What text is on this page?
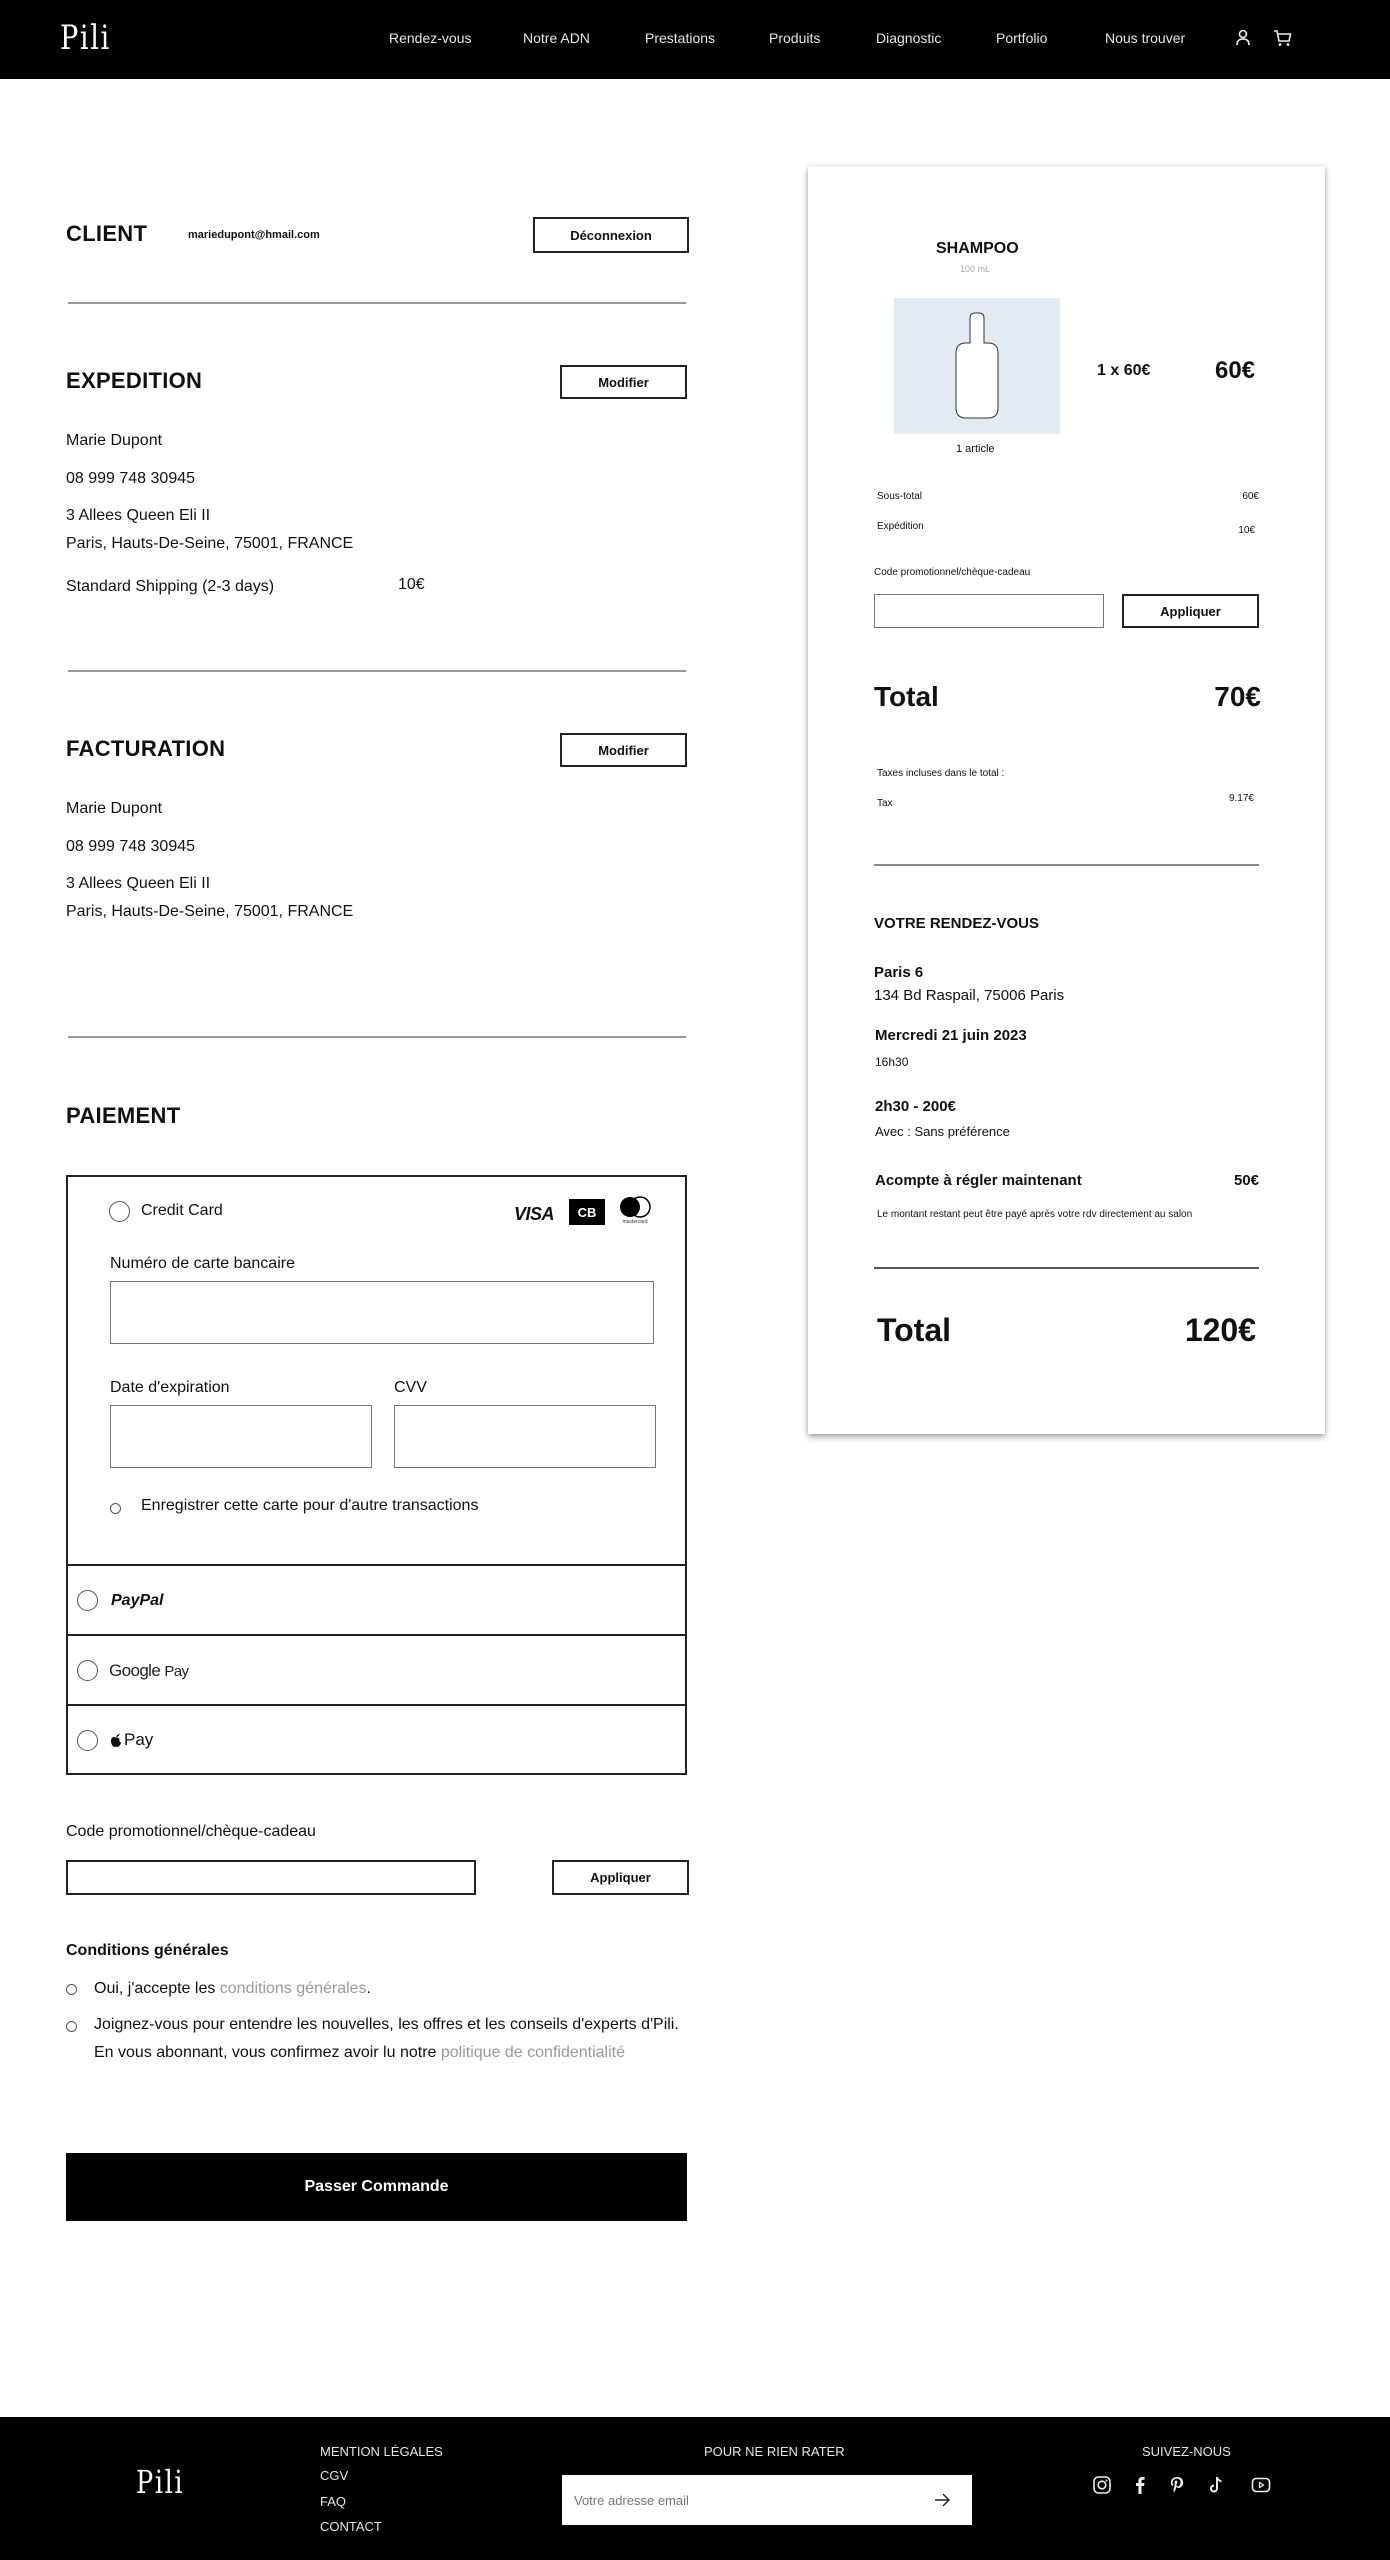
Pili	Rendez-vous	Notre ADN	Prestations	Produits	Diagnostic	Portfolio	Nous trouver
CLIENT	mariedupont@hmail.com	Déconnexion
EXPEDITION	Modifier
Marie Dupont
08 999 748 30945
3 Allees Queen Eli II
Paris, Hauts-De-Seine, 75001, FRANCE
Standard Shipping (2-3 days)	10€
FACTURATION	Modifier
Marie Dupont
08 999 748 30945
3 Allees Queen Eli II
Paris, Hauts-De-Seine, 75001, FRANCE
PAIEMENT
Credit Card	VISA	CB
mastercard
Numéro de carte bancaire
Date d'expiration	CVV
Enregistrer cette carte pour d'autre transactions
PayPal
Google Pay
Pay
Code promotionnel/chèque-cadeau
Appliquer
Conditions générales
Oui, j'accepte les conditions générales.
Joignez-vous pour entendre les nouvelles, les offres et les conseils d'experts d'Pili.
En vous abonnant, vous confirmez avoir lu notre politique de confidentialité
Passer Commande
SHAMPOO
100 mL
1 x 60€	60€
1 article
Sous-total	60€
Expédition	10€
Code promotionnel/chèque-cadeau
Appliquer
Total	70€
Taxes incluses dans le total :
Tax	9.17€
VOTRE RENDEZ-VOUS
Paris 6
134 Bd Raspail, 75006 Paris
Mercredi 21 juin 2023
16h30
2h30 - 200€
Avec : Sans préférence
Acompte à régler maintenant	50€
Le montant restant peut être payé après votre rdv directement au salon
Total	120€
Pili
MENTION LÉGALES
CGV
FAQ
CONTACT
POUR NE RIEN RATER
Votre adresse email	SUIVEZ-NOUS
